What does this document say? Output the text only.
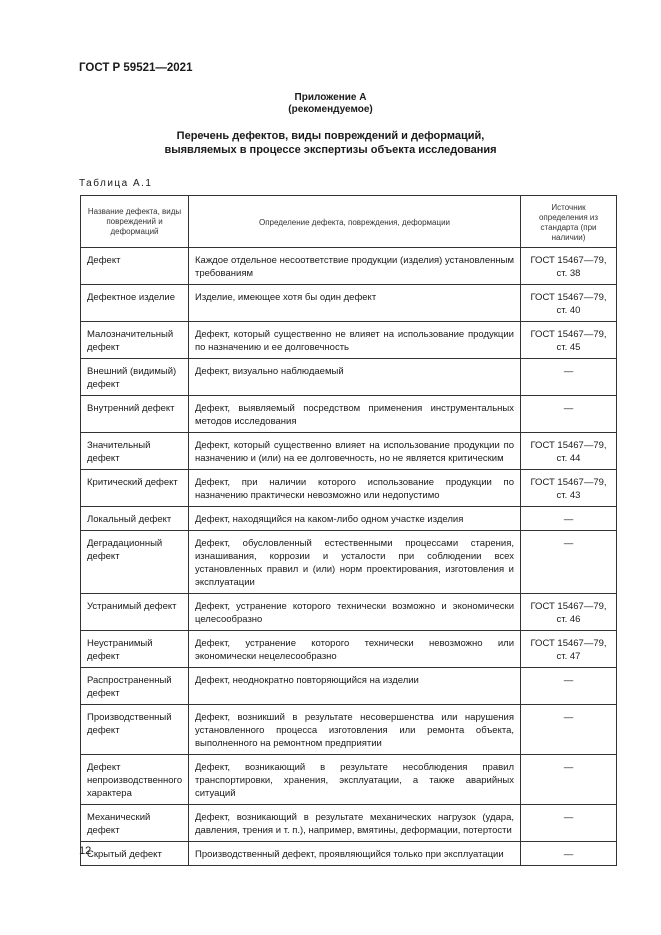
ГОСТ Р 59521—2021
Приложение А
(рекомендуемое)
Перечень дефектов, виды повреждений и деформаций,
выявляемых в процессе экспертизы объекта исследования
Таблица А.1
Название дефекта, виды повреждений и деформаций	Определение дефекта, повреждения, деформации	Источник определения из стандарта (при наличии)
Дефект	Каждое отдельное несоответствие продукции (изделия) установленным требованиям	ГОСТ 15467—79, ст. 38
Дефектное изделие	Изделие, имеющее хотя бы один дефект	ГОСТ 15467—79, ст. 40
Малозначительный дефект	Дефект, который существенно не влияет на использование продукции по назначению и ее долговечность	ГОСТ 15467—79, ст. 45
Внешний (видимый) дефект	Дефект, визуально наблюдаемый	—
Внутренний дефект	Дефект, выявляемый посредством применения инструментальных методов исследования	—
Значительный дефект	Дефект, который существенно влияет на использование продукции по назначению и (или) на ее долговечность, но не является критическим	ГОСТ 15467—79, ст. 44
Критический дефект	Дефект, при наличии которого использование продукции по назначению практически невозможно или недопустимо	ГОСТ 15467—79, ст. 43
Локальный дефект	Дефект, находящийся на каком-либо одном участке изделия	—
Деградационный дефект	Дефект, обусловленный естественными процессами старения, изнашивания, коррозии и усталости при соблюдении всех установленных правил и (или) норм проектирования, изготовления и эксплуатации	—
Устранимый дефект	Дефект, устранение которого технически возможно и экономически целесообразно	ГОСТ 15467—79, ст. 46
Неустранимый дефект	Дефект, устранение которого технически невозможно или экономически нецелесообразно	ГОСТ 15467—79, ст. 47
Распространенный дефект	Дефект, неоднократно повторяющийся на изделии	—
Производственный дефект	Дефект, возникший в результате несовершенства или нарушения установленного процесса изготовления или ремонта объекта, выполненного на ремонтном предприятии	—
Дефект непроизводственного характера	Дефект, возникающий в результате несоблюдения правил транспортировки, хранения, эксплуатации, а также аварийных ситуаций	—
Механический дефект	Дефект, возникающий в результате механических нагрузок (удара, давления, трения и т. п.), например, вмятины, деформации, потертости	—
Скрытый дефект	Производственный дефект, проявляющийся только при эксплуатации	—
12
